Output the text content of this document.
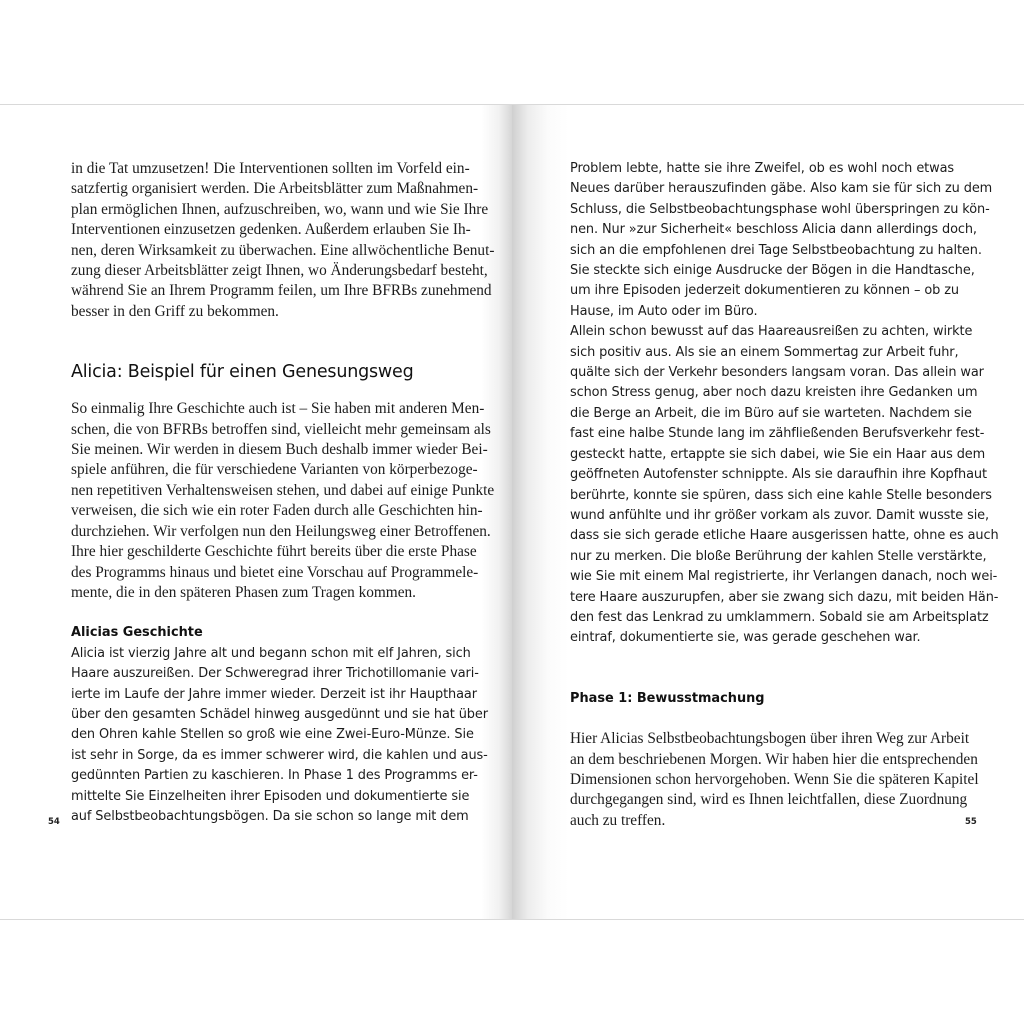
in die Tat umzusetzen! Die Interventionen sollten im Vorfeld ein-
satzfertig organisiert werden. Die Arbeitsblätter zum Maßnahmen-
plan ermöglichen Ihnen, aufzuschreiben, wo, wann und wie Sie Ihre
Interventionen einzusetzen gedenken. Außerdem erlauben Sie Ih-
nen, deren Wirksamkeit zu überwachen. Eine allwöchentliche Benut-
zung dieser Arbeitsblätter zeigt Ihnen, wo Änderungsbedarf besteht,
während Sie an Ihrem Programm feilen, um Ihre BFRBs zunehmend
besser in den Griff zu bekommen.

Alicia: Beispiel für einen Genesungsweg

So einmalig Ihre Geschichte auch ist – Sie haben mit anderen Men-
schen, die von BFRBs betroffen sind, vielleicht mehr gemeinsam als
Sie meinen. Wir werden in diesem Buch deshalb immer wieder Bei-
spiele anführen, die für verschiedene Varianten von körperbezoge-
nen repetitiven Verhaltensweisen stehen, und dabei auf einige Punkte
verweisen, die sich wie ein roter Faden durch alle Geschichten hin-
durchziehen. Wir verfolgen nun den Heilungsweg einer Betroffenen.
Ihre hier geschilderte Geschichte führt bereits über die erste Phase
des Programms hinaus und bietet eine Vorschau auf Programmele-
mente, die in den späteren Phasen zum Tragen kommen.

Alicias Geschichte

Alicia ist vierzig Jahre alt und begann schon mit elf Jahren, sich
Haare auszureißen. Der Schweregrad ihrer Trichotillomanie vari-
ierte im Laufe der Jahre immer wieder. Derzeit ist ihr Haupthaar
über den gesamten Schädel hinweg ausgedünnt und sie hat über
den Ohren kahle Stellen so groß wie eine Zwei-Euro-Münze. Sie
ist sehr in Sorge, da es immer schwerer wird, die kahlen und aus-
gedünnten Partien zu kaschieren. In Phase 1 des Programms er-
mittelte Sie Einzelheiten ihrer Episoden und dokumentierte sie
auf Selbstbeobachtungsbögen. Da sie schon so lange mit dem

54

Problem lebte, hatte sie ihre Zweifel, ob es wohl noch etwas
Neues darüber herauszufinden gäbe. Also kam sie für sich zu dem
Schluss, die Selbstbeobachtungsphase wohl überspringen zu kön-
nen. Nur »zur Sicherheit« beschloss Alicia dann allerdings doch,
sich an die empfohlenen drei Tage Selbstbeobachtung zu halten.
Sie steckte sich einige Ausdrucke der Bögen in die Handtasche,
um ihre Episoden jederzeit dokumentieren zu können – ob zu
Hause, im Auto oder im Büro.

Allein schon bewusst auf das Haareausreißen zu achten, wirkte
sich positiv aus. Als sie an einem Sommertag zur Arbeit fuhr,
quälte sich der Verkehr besonders langsam voran. Das allein war
schon Stress genug, aber noch dazu kreisten ihre Gedanken um
die Berge an Arbeit, die im Büro auf sie warteten. Nachdem sie
fast eine halbe Stunde lang im zähfließenden Berufsverkehr fest-
gesteckt hatte, ertappte sie sich dabei, wie Sie ein Haar aus dem
geöffneten Autofenster schnippte. Als sie daraufhin ihre Kopfhaut
berührte, konnte sie spüren, dass sich eine kahle Stelle besonders
wund anfühlte und ihr größer vorkam als zuvor. Damit wusste sie,
dass sie sich gerade etliche Haare ausgerissen hatte, ohne es auch
nur zu merken. Die bloße Berührung der kahlen Stelle verstärkte,
wie Sie mit einem Mal registrierte, ihr Verlangen danach, noch wei-
tere Haare auszurupfen, aber sie zwang sich dazu, mit beiden Hän-
den fest das Lenkrad zu umklammern. Sobald sie am Arbeitsplatz
eintraf, dokumentierte sie, was gerade geschehen war.

Phase 1: Bewusstmachung

Hier Alicias Selbstbeobachtungsbogen über ihren Weg zur Arbeit
an dem beschriebenen Morgen. Wir haben hier die entsprechenden
Dimensionen schon hervorgehoben. Wenn Sie die späteren Kapitel
durchgegangen sind, wird es Ihnen leichtfallen, diese Zuordnung
auch zu treffen.	55
